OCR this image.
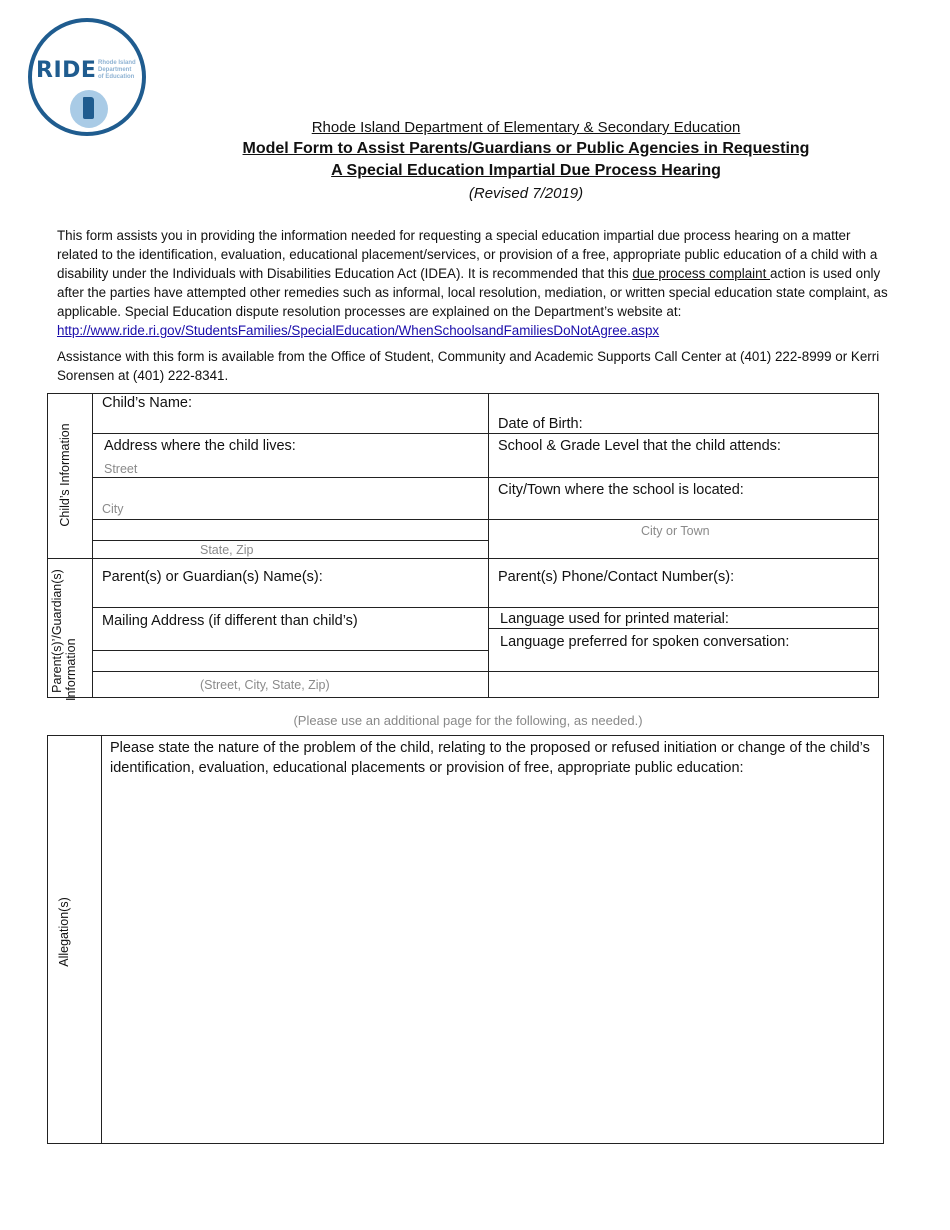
RIDE Rhode Island
Department
of Education
Rhode Island Department of Elementary & Secondary Education
Model Form to Assist Parents/Guardians or Public Agencies in Requesting
A Special Education Impartial Due Process Hearing
(Revised 7/2019)
This form assists you in providing the information needed for requesting a special education impartial due process hearing on a matter related to the identification, evaluation, educational placement/services, or provision of a free, appropriate public education of a child with a disability under the Individuals with Disabilities Education Act (IDEA). It is recommended that this due process complaint action is used only after the parties have attempted other remedies such as informal, local resolution, mediation, or written special education state complaint, as applicable. Special Education dispute resolution processes are explained on the Department’s website at: http://www.ride.ri.gov/StudentsFamilies/SpecialEducation/WhenSchoolsandFamiliesDoNotAgree.aspx
Assistance with this form is available from the Office of Student, Community and Academic Supports Call Center at (401) 222-8999 or Kerri Sorensen at (401) 222-8341.
Child’s Information
Parent(s)’/Guardian(s) Information
Child’s Name:
Date of Birth:
Address where the child lives:
Street
City
State, Zip
School & Grade Level that the child attends:
City/Town where the school is located:
City or Town
Parent(s) or Guardian(s) Name(s):	Parent(s) Phone/Contact Number(s):
Mailing Address (if different than child’s)
(Street, City, State, Zip)
Language used for printed material:
Language preferred for spoken conversation:
(Please use an additional page for the following, as needed.)
Allegation(s)
Please state the nature of the problem of the child, relating to the proposed or refused initiation or change of the child’s identification, evaluation, educational placements or provision of free, appropriate public education:
